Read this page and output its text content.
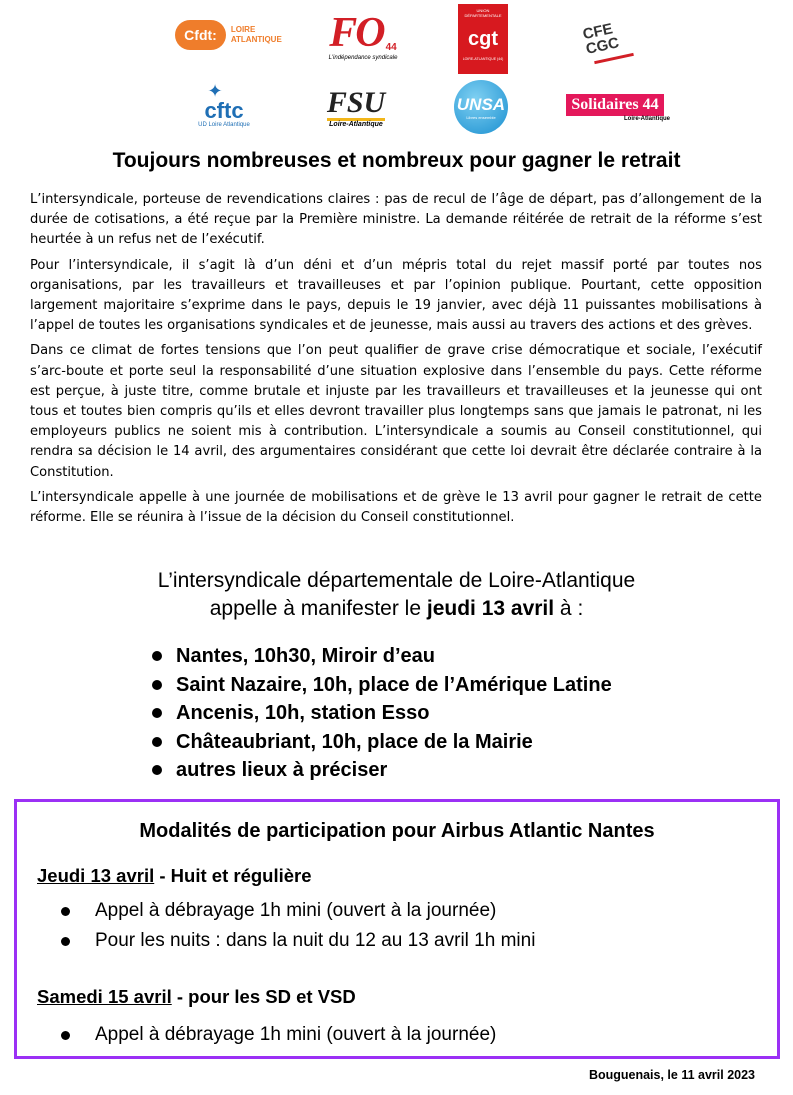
Cfdt:	LOIRE ATLANTIQUE FO 44
L'indépendance syndicale
UNION DÉPARTEMENTALE
cgt
LOIRE-ATLANTIQUE (44)
CFE CGC
✦
cftc
UD Loire Atlantique
FSU
Loire-Atlantique
UNSA
Libres ensemble
Solidaires 44
Loire-Atlantique
Toujours nombreuses et nombreux pour gagner le retrait

L’intersyndicale, porteuse de revendications claires : pas de recul de l’âge de départ, pas d’allongement de la durée de cotisations, a été reçue par la Première ministre. La demande réitérée de retrait de la réforme s’est heurtée à un refus net de l’exécutif.

Pour l’intersyndicale, il s’agit là d’un déni et d’un mépris total du rejet massif porté par toutes nos organisations, par les travailleurs et travailleuses et par l’opinion publique. Pourtant, cette opposition largement majoritaire s’exprime dans le pays, depuis le 19 janvier, avec déjà 11 puissantes mobilisations à l’appel de toutes les organisations syndicales et de jeunesse, mais aussi au travers des actions et des grèves.

Dans ce climat de fortes tensions que l’on peut qualifier de grave crise démocratique et sociale, l’exécutif s’arc-boute et porte seul la responsabilité d’une situation explosive dans l’ensemble du pays. Cette réforme est perçue, à juste titre, comme brutale et injuste par les travailleurs et travailleuses et la jeunesse qui ont tous et toutes bien compris qu’ils et elles devront travailler plus longtemps sans que jamais le patronat, ni les employeurs publics ne soient mis à contribution. L’intersyndicale a soumis au Conseil constitutionnel, qui rendra sa décision le 14 avril, des argumentaires considérant que cette loi devrait être déclarée contraire à la Constitution.

L’intersyndicale appelle à une journée de mobilisations et de grève le 13 avril pour gagner le retrait de cette réforme. Elle se réunira à l’issue de la décision du Conseil constitutionnel.

L’intersyndicale départementale de Loire-Atlantique
appelle à manifester le jeudi 13 avril à :
Nantes, 10h30, Miroir d’eau
Saint Nazaire, 10h, place de l’Amérique Latine
Ancenis, 10h, station Esso
Châteaubriant, 10h, place de la Mairie
autres lieux à préciser
Modalités de participation pour Airbus Atlantic Nantes
Jeudi 13 avril - Huit et régulière
Appel à débrayage 1h mini (ouvert à la journée)
Pour les nuits : dans la nuit du 12 au 13 avril 1h mini
Samedi 15 avril - pour les SD et VSD
Appel à débrayage 1h mini (ouvert à la journée)
Bouguenais, le 11 avril 2023
